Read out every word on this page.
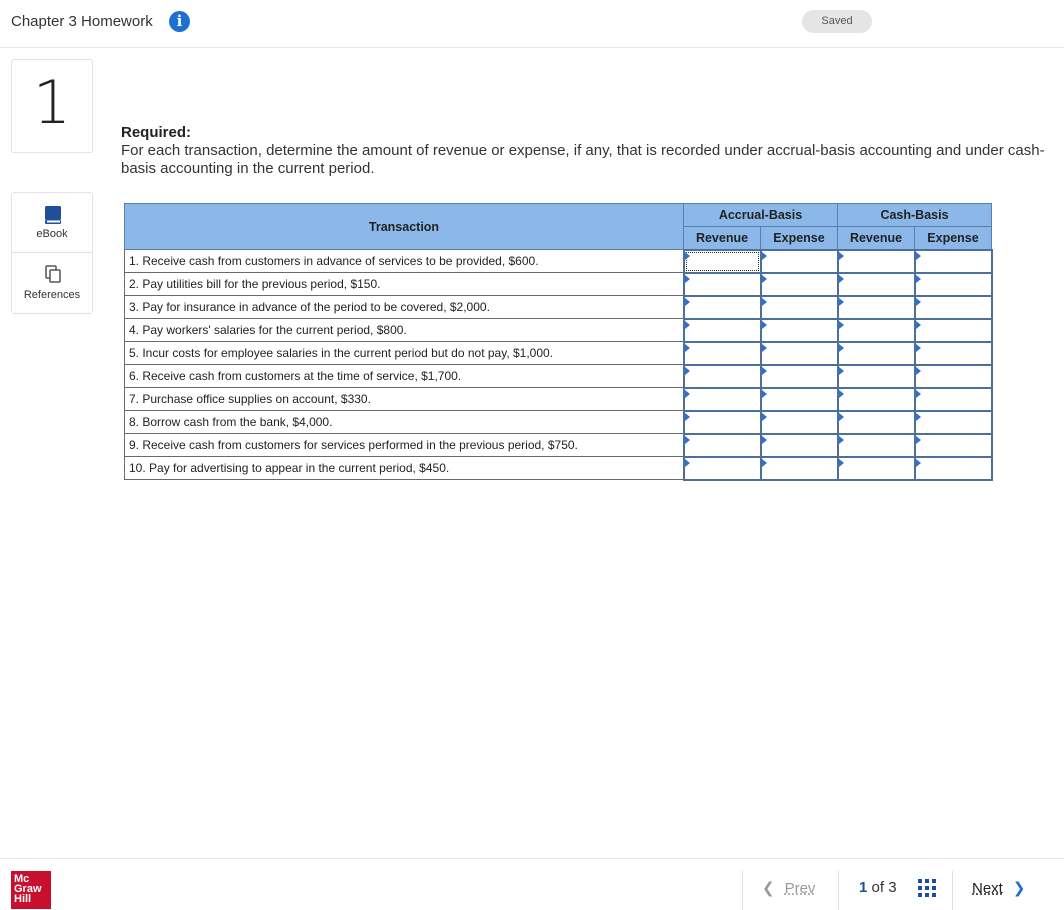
Chapter 3 Homework	i	Saved
1
eBook
References
Required:
For each transaction, determine the amount of revenue or expense, if any, that is recorded under accrual-basis accounting and under cash-basis accounting in the current period.
Transaction	Accrual-Basis		Cash-Basis	
	Revenue	Expense	Revenue	Expense
1. Receive cash from customers in advance of services to be provided, $600.	

2. Pay utilities bill for the previous period, $150.	

3. Pay for insurance in advance of the period to be covered, $2,000.	

4. Pay workers' salaries for the current period, $800.	

5. Incur costs for employee salaries in the current period but do not pay, $1,000.	

6. Receive cash from customers at the time of service, $1,700.	

7. Purchase office supplies on account, $330.	

8. Borrow cash from the bank, $4,000.	

9. Receive cash from customers for services performed in the previous period, $750.	

10. Pay for advertising to appear in the current period, $450.	

Mc
Graw
Hill
❮ Prev	1 of 3	Next ❯
